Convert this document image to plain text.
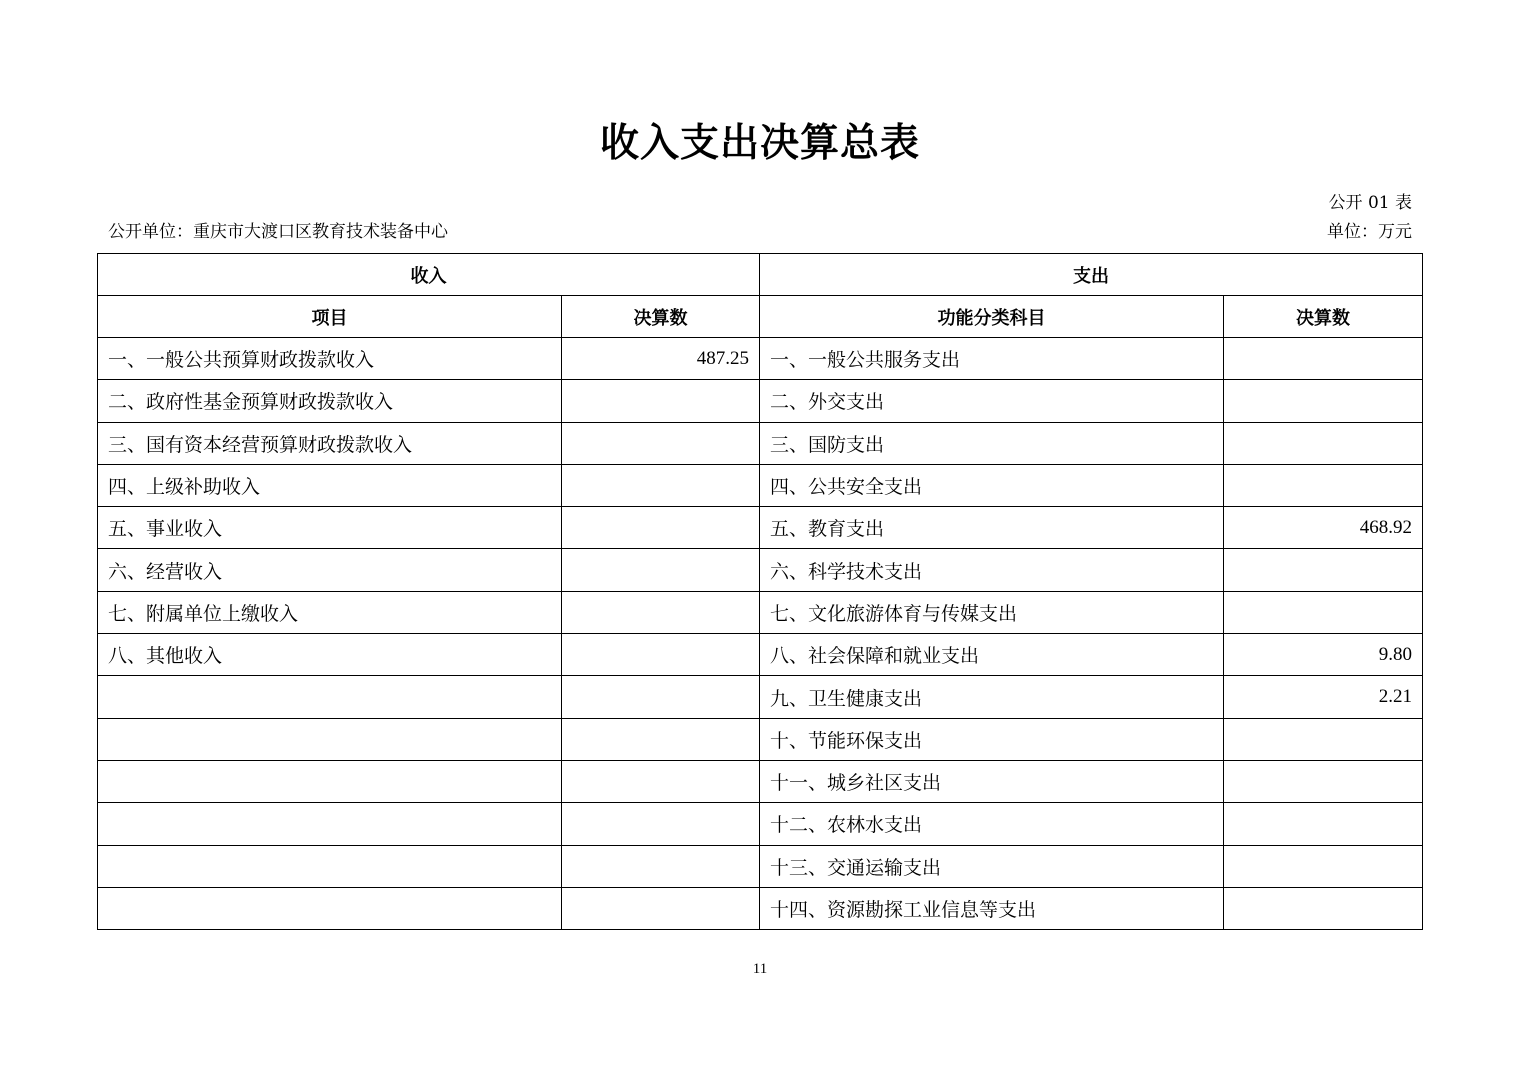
收入支出决算总表
公开 01 表
公开单位：重庆市大渡口区教育技术装备中心	单位：万元
收入		支出	
项目	决算数	功能分类科目	决算数
一、一般公共预算财政拨款收入	487.25	一、一般公共服务支出	
二、政府性基金预算财政拨款收入		二、外交支出	
三、国有资本经营预算财政拨款收入		三、国防支出	
四、上级补助收入		四、公共安全支出	
五、事业收入		五、教育支出	468.92
六、经营收入		六、科学技术支出	
七、附属单位上缴收入		七、文化旅游体育与传媒支出	
八、其他收入		八、社会保障和就业支出	9.80
		九、卫生健康支出	2.21
		十、节能环保支出	
		十一、城乡社区支出	
		十二、农林水支出	
		十三、交通运输支出	
		十四、资源勘探工业信息等支出	
11
